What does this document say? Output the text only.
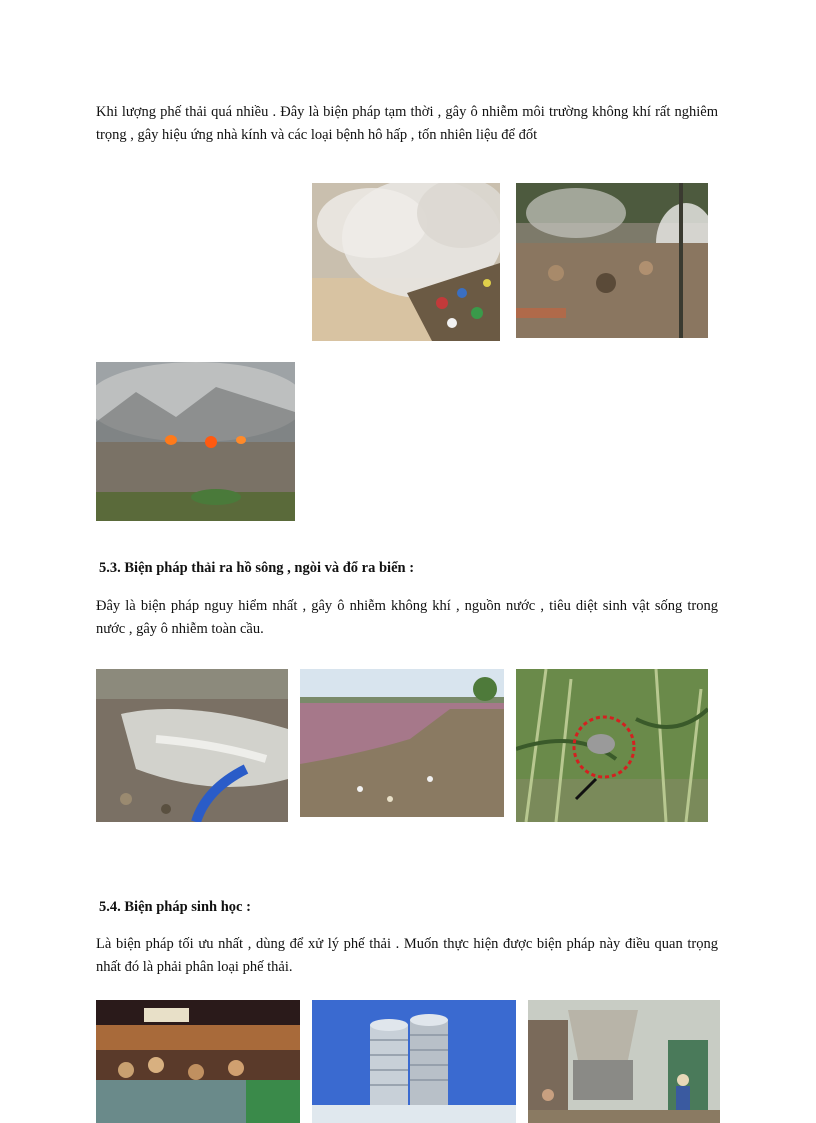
Khi lượng phế thải quá nhiều . Đây là biện pháp tạm thời , gây ô nhiễm môi trường không khí rất nghiêm trọng , gây hiệu ứng nhà kính và các loại bệnh hô hấp , tốn nhiên liệu để đốt

5.3. Biện pháp thải ra hồ sông , ngòi và đổ ra biển :

Đây là biện pháp nguy hiểm nhất , gây ô nhiễm không khí , nguồn nước , tiêu diệt sinh vật sống trong nước , gây ô nhiễm toàn cầu.

5.4. Biện pháp sinh học :

Là biện pháp tối ưu nhất , dùng để xử lý phế thải . Muốn thực hiện được biện pháp này điều quan trọng nhất đó là phải phân loại phế thải.
